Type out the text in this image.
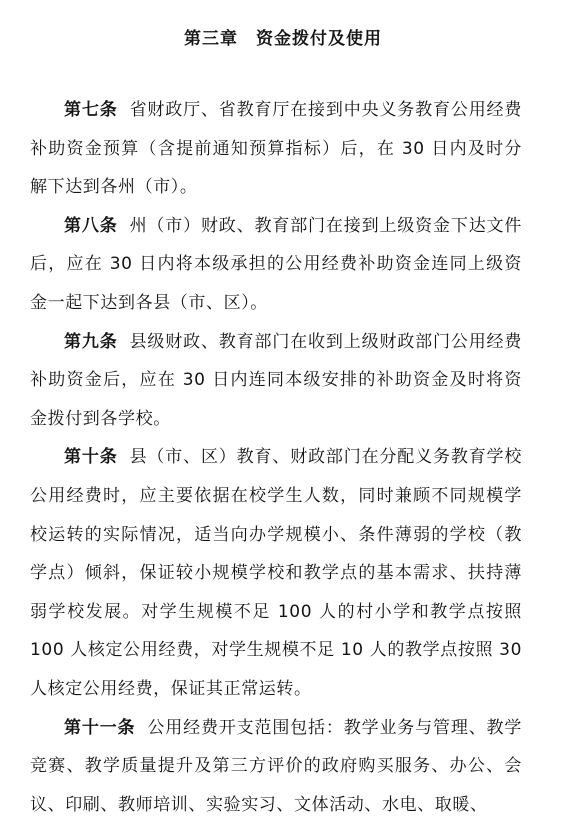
第三章 资金拨付及使用

第七条 省财政厅、省教育厅在接到中央义务教育公用经费补助资金预算（含提前通知预算指标）后，在 30 日内及时分解下达到各州（市）。

第八条 州（市）财政、教育部门在接到上级资金下达文件后，应在 30 日内将本级承担的公用经费补助资金连同上级资金一起下达到各县（市、区）。

第九条 县级财政、教育部门在收到上级财政部门公用经费补助资金后，应在 30 日内连同本级安排的补助资金及时将资金拨付到各学校。

第十条 县（市、区）教育、财政部门在分配义务教育学校公用经费时，应主要依据在校学生人数，同时兼顾不同规模学校运转的实际情况，适当向办学规模小、条件薄弱的学校（教学点）倾斜，保证较小规模学校和教学点的基本需求、扶持薄弱学校发展。对学生规模不足 100 人的村小学和教学点按照 100 人核定公用经费，对学生规模不足 10 人的教学点按照 30 人核定公用经费，保证其正常运转。

第十一条 公用经费开支范围包括：教学业务与管理、教学竞赛、教学质量提升及第三方评价的政府购买服务、办公、会议、印刷、教师培训、实验实习、文体活动、水电、取暖、
